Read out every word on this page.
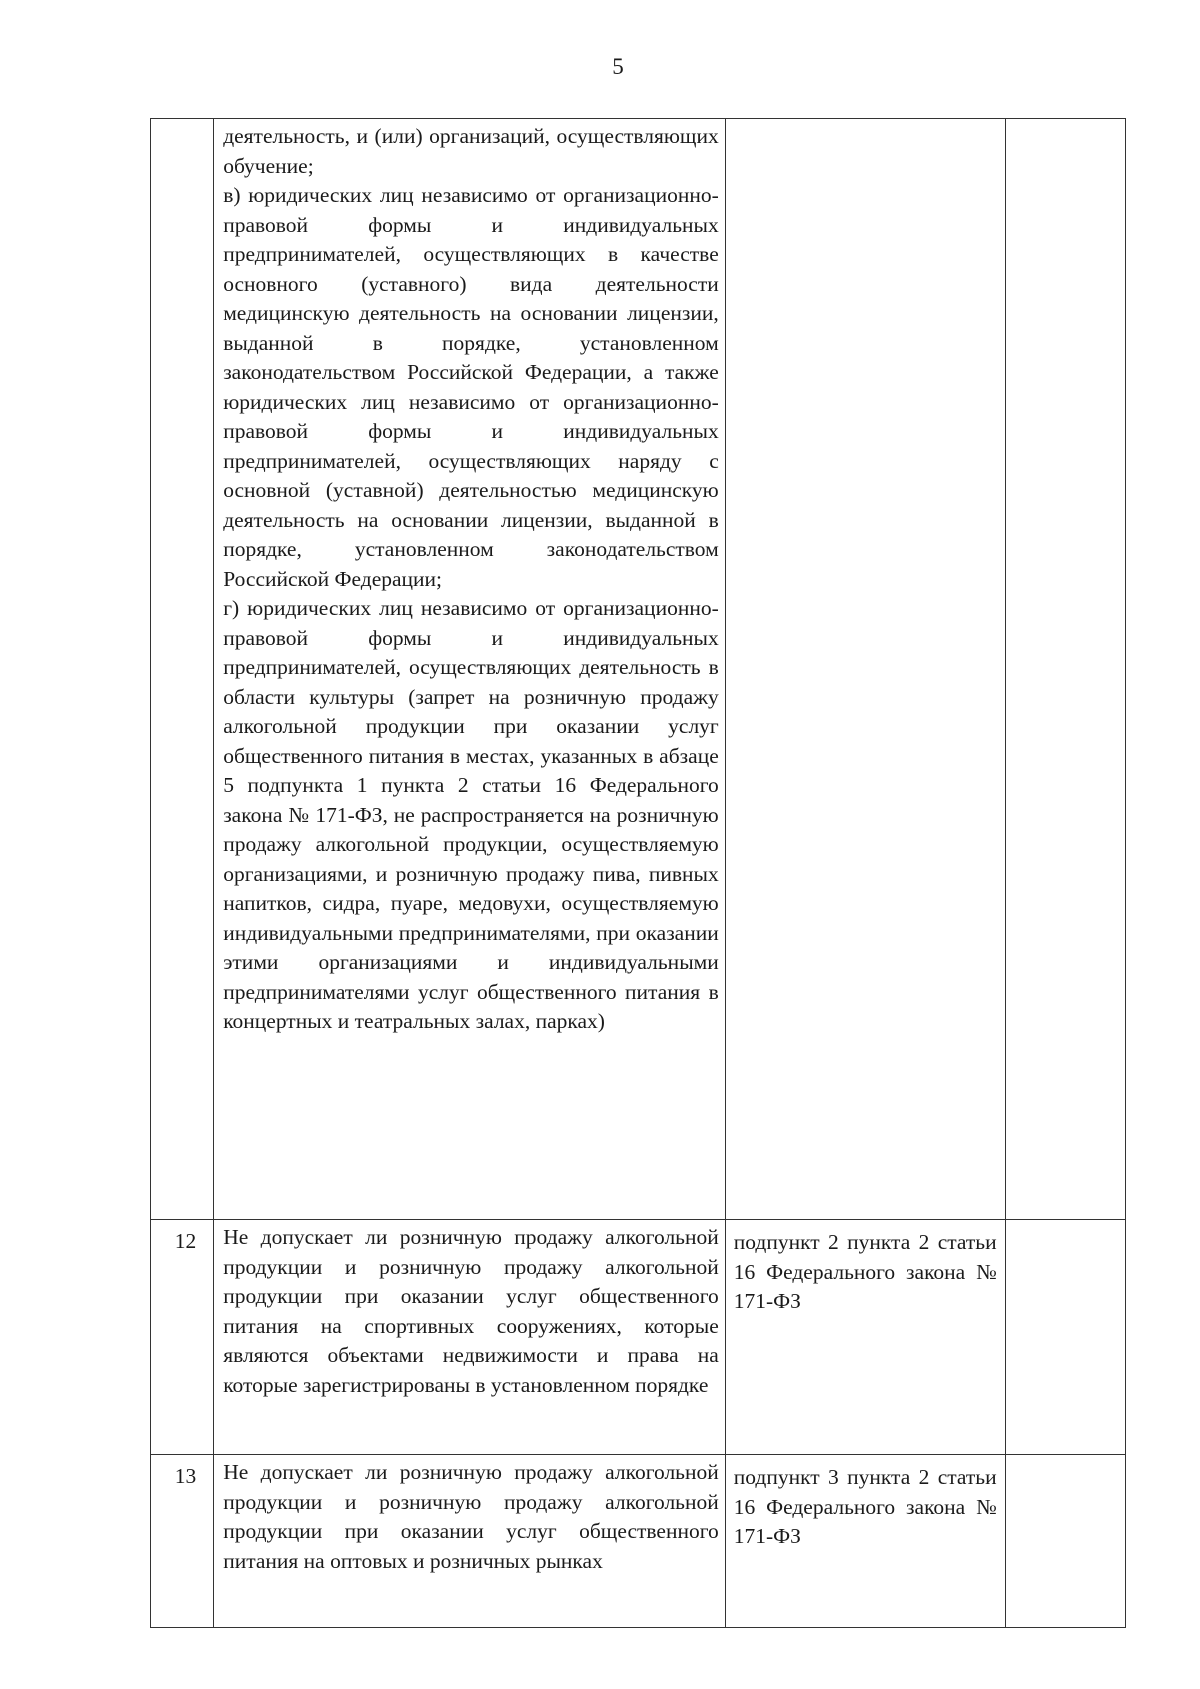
5

	деятельность, и (или) организаций, осуществляющих обучение;

в) юридических лиц независимо от организационно-правовой формы и индивидуальных предпринимателей, осуществляющих в качестве основного (уставного) вида деятельности медицинскую деятельность на основании лицензии, выданной в порядке, установленном законодательством Российской Федерации, а также юридических лиц независимо от организационно-правовой формы и индивидуальных предпринимателей, осуществляющих наряду с основной (уставной) деятельностью медицинскую деятельность на основании лицензии, выданной в порядке, установленном законодательством Российской Федерации;

г) юридических лиц независимо от организационно-правовой формы и индивидуальных предпринимателей, осуществляющих деятельность в области культуры (запрет на розничную продажу алкогольной продукции при оказании услуг общественного питания в местах, указанных в абзаце 5 подпункта 1 пункта 2 статьи 16 Федерального закона № 171-ФЗ, не распространяется на розничную продажу алкогольной продукции, осуществляемую организациями, и розничную продажу пива, пивных напитков, сидра, пуаре, медовухи, осуществляемую индивидуальными предпринимателями, при оказании этими организациями и индивидуальными предпринимателями услуг общественного питания в концертных и театральных залах, парках)		

12	Не допускает ли розничную продажу алкогольной продукции и розничную продажу алкогольной продукции при оказании услуг общественного питания на спортивных сооружениях, которые являются объектами недвижимости и права на которые зарегистрированы в установленном порядке	подпункт 2 пункта 2 статьи 16 Федерального закона № 171-ФЗ	
13	Не допускает ли розничную продажу алкогольной продукции и розничную продажу алкогольной продукции при оказании услуг общественного питания на оптовых и розничных рынках	подпункт 3 пункта 2 статьи 16 Федерального закона № 171-ФЗ	
